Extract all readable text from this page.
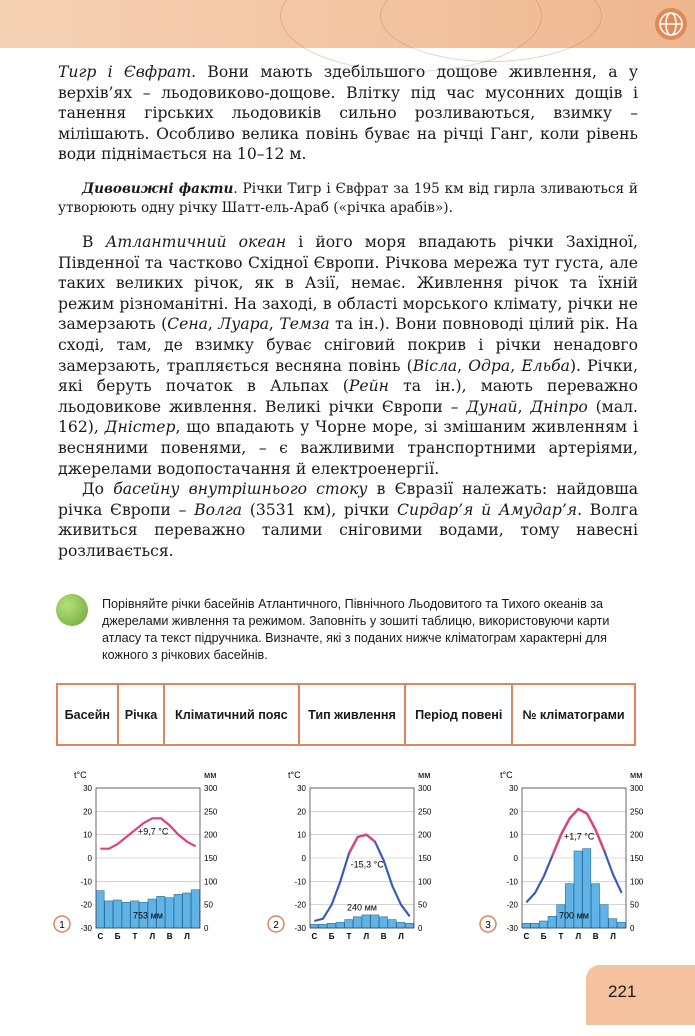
Тигр і Євфрат. Вони мають здебільшого дощове живлення, а у верхів’ях – льодовиково-дощове. Влітку під час мусонних дощів і танення гірських льодовиків сильно розливаються, взимку – мілішають. Особливо велика повінь буває на річці Ганг, коли рівень води піднімається на 10–12 м.

Дивовижні факти. Річки Тигр і Євфрат за 195 км від гирла зливаються й утворюють одну річку Шатт-ель-Араб («річка арабів»).

В Атлантичний океан і його моря впадають річки Західної, Південної та частково Східної Європи. Річкова мережа тут густа, але таких великих річок, як в Азії, немає. Живлення річок та їхній режим різноманітні. На заході, в області морського клімату, річки не замерзають (Сена, Луара, Темза та ін.). Вони повноводі цілий рік. На сході, там, де взимку буває сніговий покрив і річки ненадовго замерзають, трапляється весняна повінь (Вісла, Одра, Ельба). Річки, які беруть початок в Альпах (Рейн та ін.), мають переважно льодовикове живлення. Великі річки Європи – Дунай, Дніпро (мал. 162), Дністер, що впадають у Чорне море, зі змішаним живленням і весняними повенями, – є важливими транспортними артеріями, джерелами водопостачання й електроенергії.

До басейну внутрішнього стоку в Євразії належать: найдовша річка Європи – Волга (3531 км), річки Сирдар’я й Амудар’я. Волга живиться переважно талими сніговими водами, тому навесні розливається.

Порівняйте річки басейнів Атлантичного, Північного Льодовитого та Тихого океанів за джерелами живлення та режимом. Заповніть у зошиті таблицю, використовуючи карти атласу та текст підручника. Визначте, які з поданих нижче кліматограм характерні для кожного з річкових басейнів.
Басейн	Річка	Кліматичний пояс	Тип живлення	Період повені	№ кліматограми
t°C	мм
30	300
20	250
10	200
0	150
-10	100
-20	50
-30	0
+9,7 °C
753 мм
С Б Т Л В Л
1
t°C	мм
30	300
20	250
10	200
0	150
-10	100
-20	50
-30	0
-15,3 °C
240 мм
С Б Т Л В Л
2
t°C	мм
30	300
20	250
10	200
0	150
-10	100
-20	50
-30	0
+1,7 °C
700 мм
С Б Т Л В Л
3
221
